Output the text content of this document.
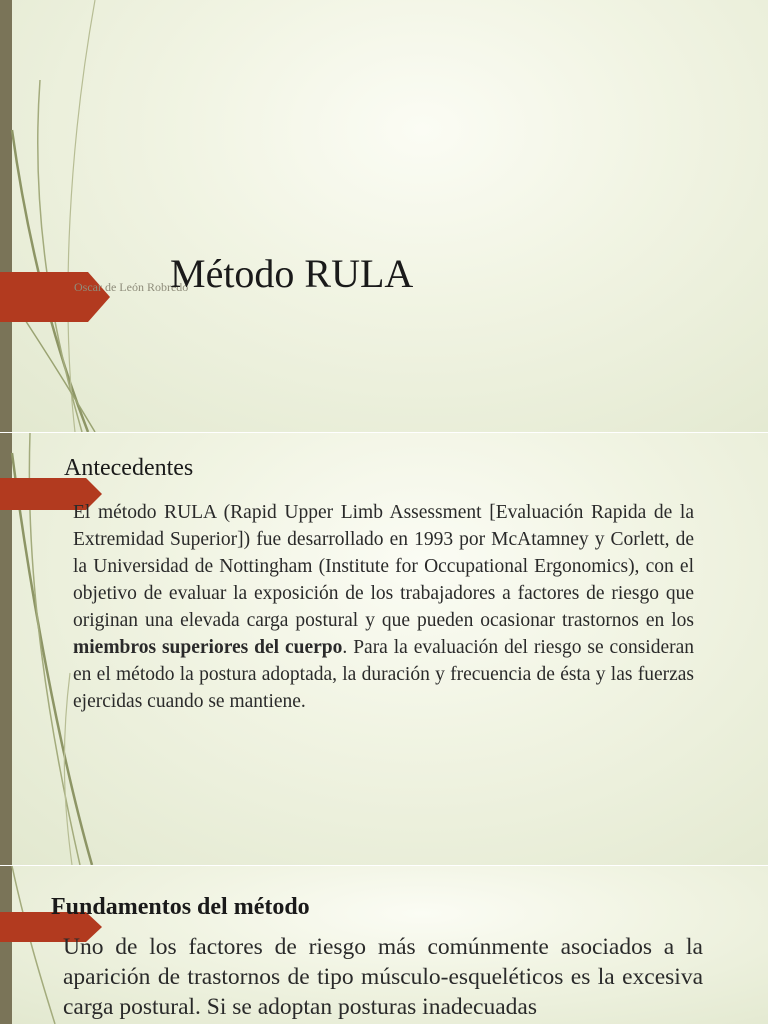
Oscar de León Robredo
Método RULA
Antecedentes

El método RULA (Rapid Upper Limb Assessment [Evaluación Rapida de la Extremidad Superior]) fue desarrollado en 1993 por McAtamney y Corlett, de la Universidad de Nottingham (Institute for Occupational Ergonomics), con el objetivo de evaluar la exposición de los trabajadores a factores de riesgo que originan una elevada carga postural y que pueden ocasionar trastornos en los miembros superiores del cuerpo. Para la evaluación del riesgo se consideran en el método la postura adoptada, la duración y frecuencia de ésta y las fuerzas ejercidas cuando se mantiene.

Fundamentos del método

Uno de los factores de riesgo más comúnmente asociados a la aparición de trastornos de tipo músculo-esqueléticos es la excesiva carga postural. Si se adoptan posturas inadecuadas
